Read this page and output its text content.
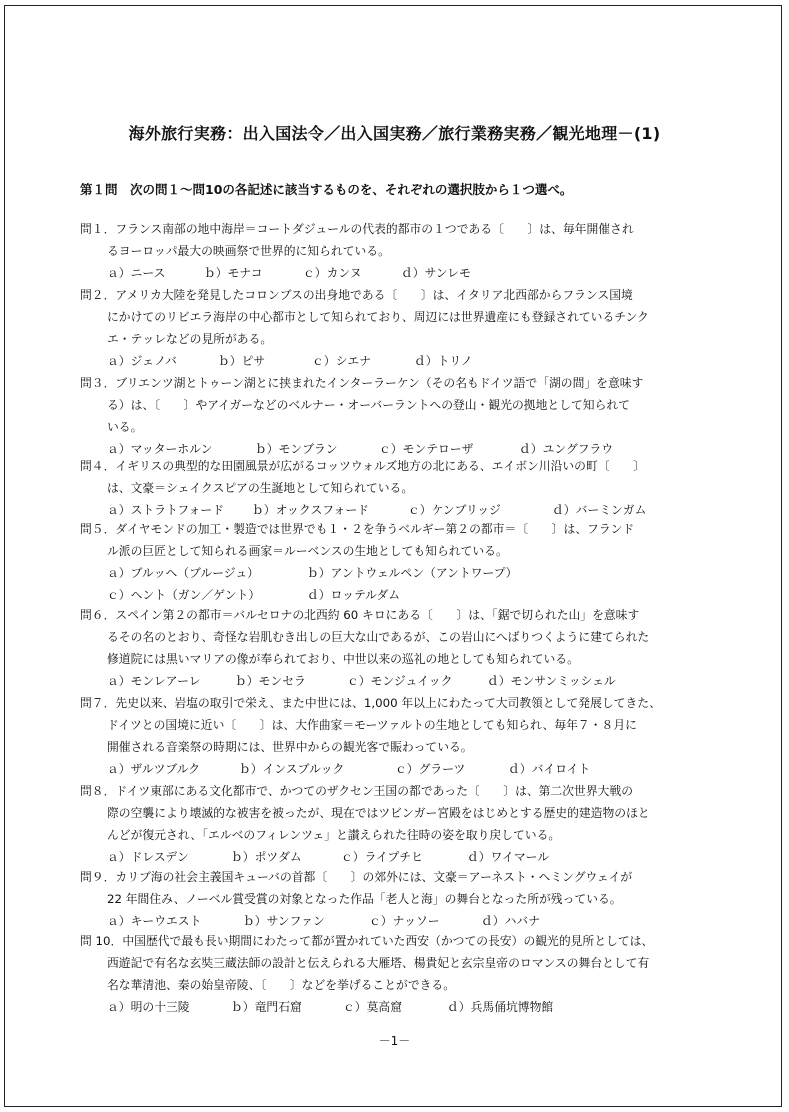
海外旅行実務：出入国法令／出入国実務／旅行業務実務／観光地理－(1)
第１問　次の問１～問10の各記述に該当するものを、それぞれの選択肢から１つ選べ。
問１．フランス南部の地中海岸＝コートダジュールの代表的都市の１つである〔　　〕は、毎年開催され
るヨーロッパ最大の映画祭で世界的に知られている。
ａ）ニース	ｂ）モナコ	ｃ）カンヌ	ｄ）サンレモ
問２．アメリカ大陸を発見したコロンブスの出身地である〔　　〕は、イタリア北西部からフランス国境
にかけてのリビエラ海岸の中心都市として知られており、周辺には世界遺産にも登録されているチンク
エ・テッレなどの見所がある。
ａ）ジェノバ	ｂ）ピサ	ｃ）シエナ	ｄ）トリノ
問３．ブリエンツ湖とトゥーン湖とに挟まれたインターラーケン（その名もドイツ語で「湖の間」を意味す
る）は、〔　　〕やアイガーなどのベルナー・オーバーラントへの登山・観光の拠地として知られて
いる。
ａ）マッターホルン	ｂ）モンブラン	ｃ）モンテローザ	ｄ）ユングフラウ
問４．イギリスの典型的な田園風景が広がるコッツウォルズ地方の北にある、エイボン川沿いの町〔　　〕
は、文豪＝シェイクスピアの生誕地として知られている。
ａ）ストラトフォード	ｂ）オックスフォード	ｃ）ケンブリッジ	ｄ）バーミンガム
問５．ダイヤモンドの加工・製造では世界でも１・２を争うベルギー第２の都市＝〔　　〕は、フランド
ル派の巨匠として知られる画家＝ルーベンスの生地としても知られている。
ａ）ブルッヘ（ブルージュ）	ｂ）アントウェルペン（アントワープ）
ｃ）ヘント（ガン／ゲント）	ｄ）ロッテルダム
問６．スペイン第２の都市＝バルセロナの北西約 60 キロにある〔　　〕は、「鋸で切られた山」を意味す
るその名のとおり、奇怪な岩肌むき出しの巨大な山であるが、この岩山にへばりつくように建てられた
修道院には黒いマリアの像が奉られており、中世以来の巡礼の地としても知られている。
ａ）モンレアーレ	ｂ）モンセラ	ｃ）モンジュイック	ｄ）モンサンミッシェル
問７．先史以来、岩塩の取引で栄え、また中世には、1,000 年以上にわたって大司教領として発展してきた、
ドイツとの国境に近い〔　　〕は、大作曲家＝モーツァルトの生地としても知られ、毎年７・８月に
開催される音楽祭の時期には、世界中からの観光客で賑わっている。
ａ）ザルツブルク	ｂ）インスブルック	ｃ）グラーツ	ｄ）バイロイト
問８．ドイツ東部にある文化都市で、かつてのザクセン王国の都であった〔　　〕は、第二次世界大戦の
際の空襲により壊滅的な被害を被ったが、現在ではツビンガー宮殿をはじめとする歴史的建造物のほと
んどが復元され、「エルベのフィレンツェ」と讃えられた往時の姿を取り戻している。
ａ）ドレスデン	ｂ）ポツダム	ｃ）ライプチヒ	ｄ）ワイマール
問９．カリブ海の社会主義国キューバの首都〔　　〕の郊外には、文豪＝アーネスト・ヘミングウェイが
22 年間住み、ノーベル賞受賞の対象となった作品「老人と海」の舞台となった所が残っている。
ａ）キーウエスト	ｂ）サンファン	ｃ）ナッソー	ｄ）ハバナ
問 10．中国歴代で最も長い期間にわたって都が置かれていた西安（かつての長安）の観光的見所としては、
西遊記で有名な玄奘三蔵法師の設計と伝えられる大雁塔、楊貴妃と玄宗皇帝のロマンスの舞台として有
名な華清池、秦の始皇帝陵、〔　　〕などを挙げることができる。
ａ）明の十三陵	ｂ）竜門石窟	ｃ）莫高窟	ｄ）兵馬俑坑博物館
－1－
